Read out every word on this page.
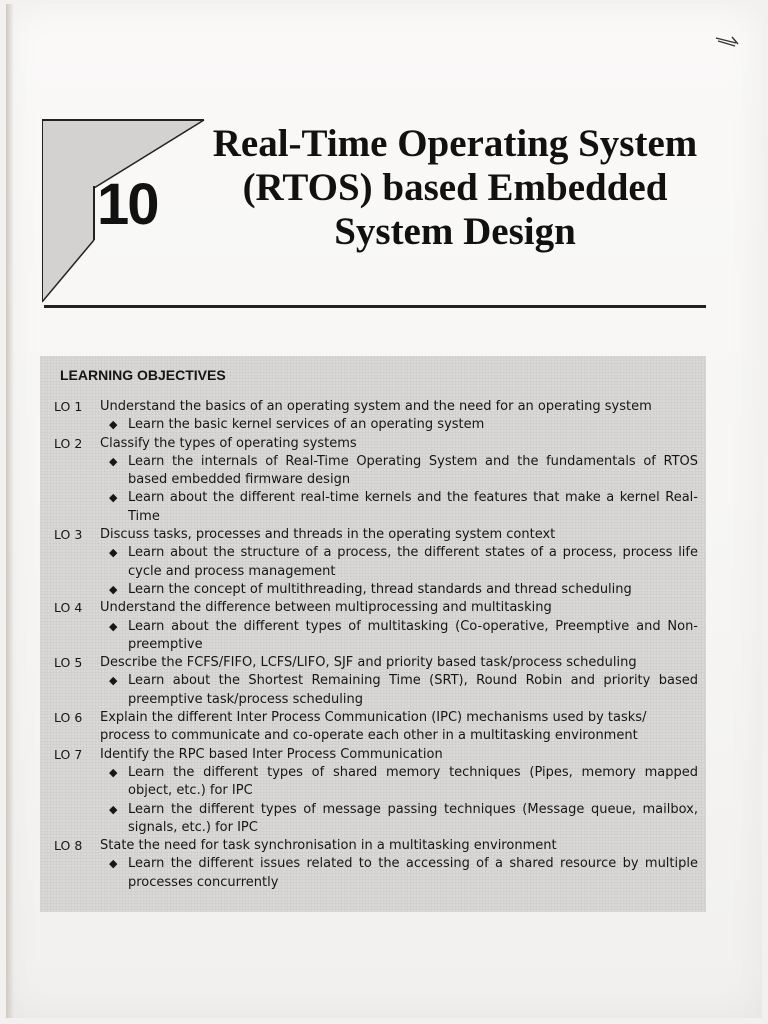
10
Real-Time Operating System (RTOS) based Embedded System Design
LEARNING OBJECTIVES
LO 1	Understand the basics of an operating system and the need for an operating system
◆ Learn the basic kernel services of an operating system
LO 2	Classify the types of operating systems
◆ Learn the internals of Real-Time Operating System and the fundamentals of RTOS based embedded firmware design
◆ Learn about the different real-time kernels and the features that make a kernel Real-Time
LO 3	Discuss tasks, processes and threads in the operating system context
◆ Learn about the structure of a process, the different states of a process, process life cycle and process management
◆ Learn the concept of multithreading, thread standards and thread scheduling
LO 4	Understand the difference between multiprocessing and multitasking
◆ Learn about the different types of multitasking (Co-operative, Preemptive and Non-preemptive
LO 5	Describe the FCFS/FIFO, LCFS/LIFO, SJF and priority based task/process scheduling
◆ Learn about the Shortest Remaining Time (SRT), Round Robin and priority based preemptive task/process scheduling
LO 6	Explain the different Inter Process Communication (IPC) mechanisms used by tasks/ process to communicate and co-operate each other in a multitasking environment
LO 7	Identify the RPC based Inter Process Communication
◆ Learn the different types of shared memory techniques (Pipes, memory mapped object, etc.) for IPC
◆ Learn the different types of message passing techniques (Message queue, mailbox, signals, etc.) for IPC
LO 8	State the need for task synchronisation in a multitasking environment
◆ Learn the different issues related to the accessing of a shared resource by multiple processes concurrently
